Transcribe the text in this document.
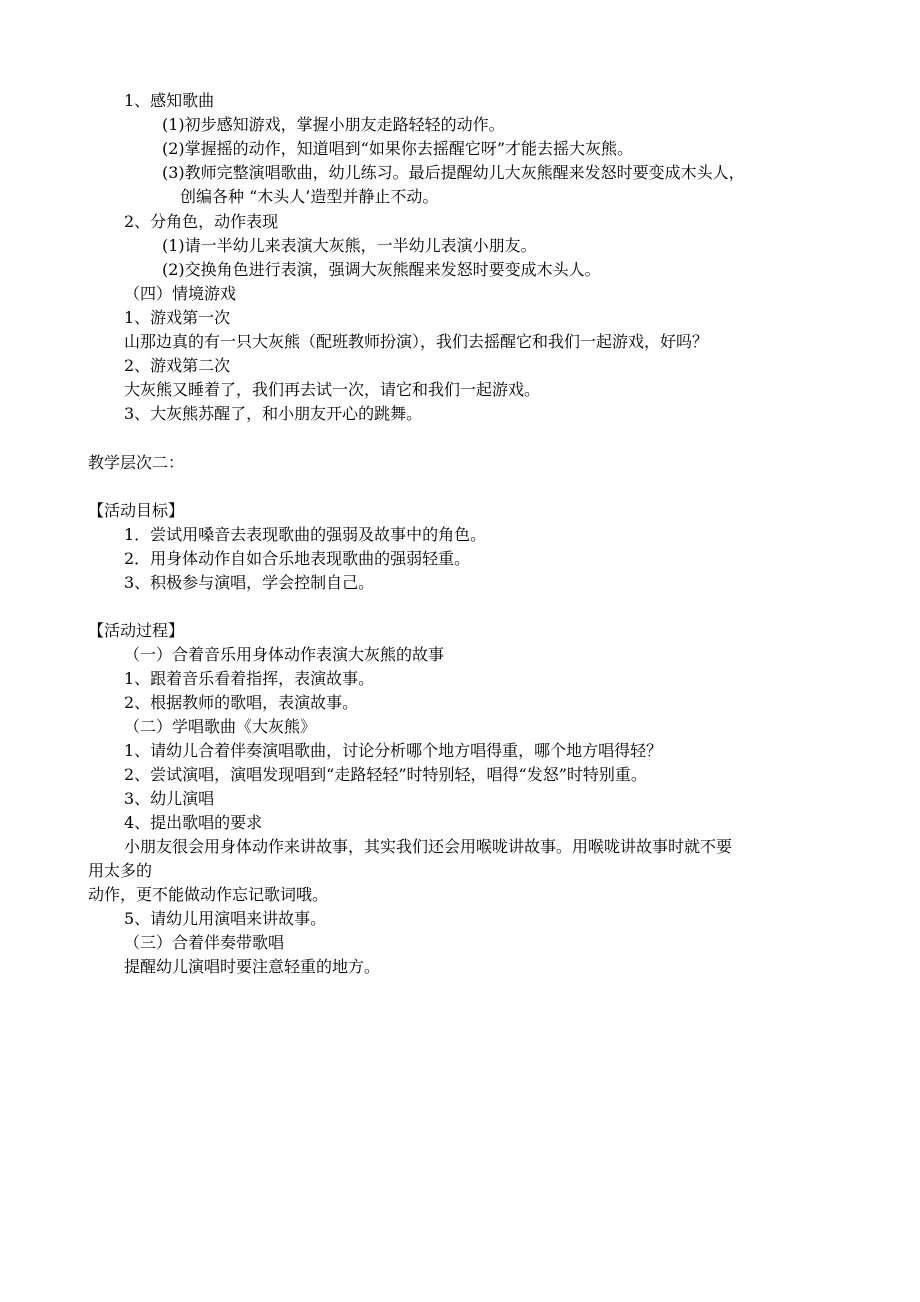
1、感知歌曲
(1)初步感知游戏，掌握小朋友走路轻轻的动作。
(2)掌握摇的动作，知道唱到“如果你去摇醒它呀”才能去摇大灰熊。
(3)教师完整演唱歌曲，幼儿练习。最后提醒幼儿大灰熊醒来发怒时要变成木头人，
创编各种 “木头人’造型并静止不动。
2、分角色，动作表现
(1)请一半幼儿来表演大灰熊，一半幼儿表演小朋友。
(2)交换角色进行表演，强调大灰熊醒来发怒时要变成木头人。
（四）情境游戏
1、游戏第一次
山那边真的有一只大灰熊（配班教师扮演），我们去摇醒它和我们一起游戏，好吗？
2、游戏第二次
大灰熊又睡着了，我们再去试一次，请它和我们一起游戏。
3、大灰熊苏醒了，和小朋友开心的跳舞。
教学层次二：
【活动目标】
1．尝试用嗓音去表现歌曲的强弱及故事中的角色。
2．用身体动作自如合乐地表现歌曲的强弱轻重。
3、积极参与演唱，学会控制自己。
【活动过程】
（一）合着音乐用身体动作表演大灰熊的故事
1、跟着音乐看着指挥，表演故事。
2、根据教师的歌唱，表演故事。
（二）学唱歌曲《大灰熊》
1、请幼儿合着伴奏演唱歌曲，讨论分析哪个地方唱得重，哪个地方唱得轻？
2、尝试演唱，演唱发现唱到“走路轻轻”时特别轻，唱得“发怒”时特别重。
3、幼儿演唱
4、提出歌唱的要求
小朋友很会用身体动作来讲故事，其实我们还会用喉咙讲故事。用喉咙讲故事时就不要
用太多的
动作，更不能做动作忘记歌词哦。
5、请幼儿用演唱来讲故事。
（三）合着伴奏带歌唱
提醒幼儿演唱时要注意轻重的地方。
